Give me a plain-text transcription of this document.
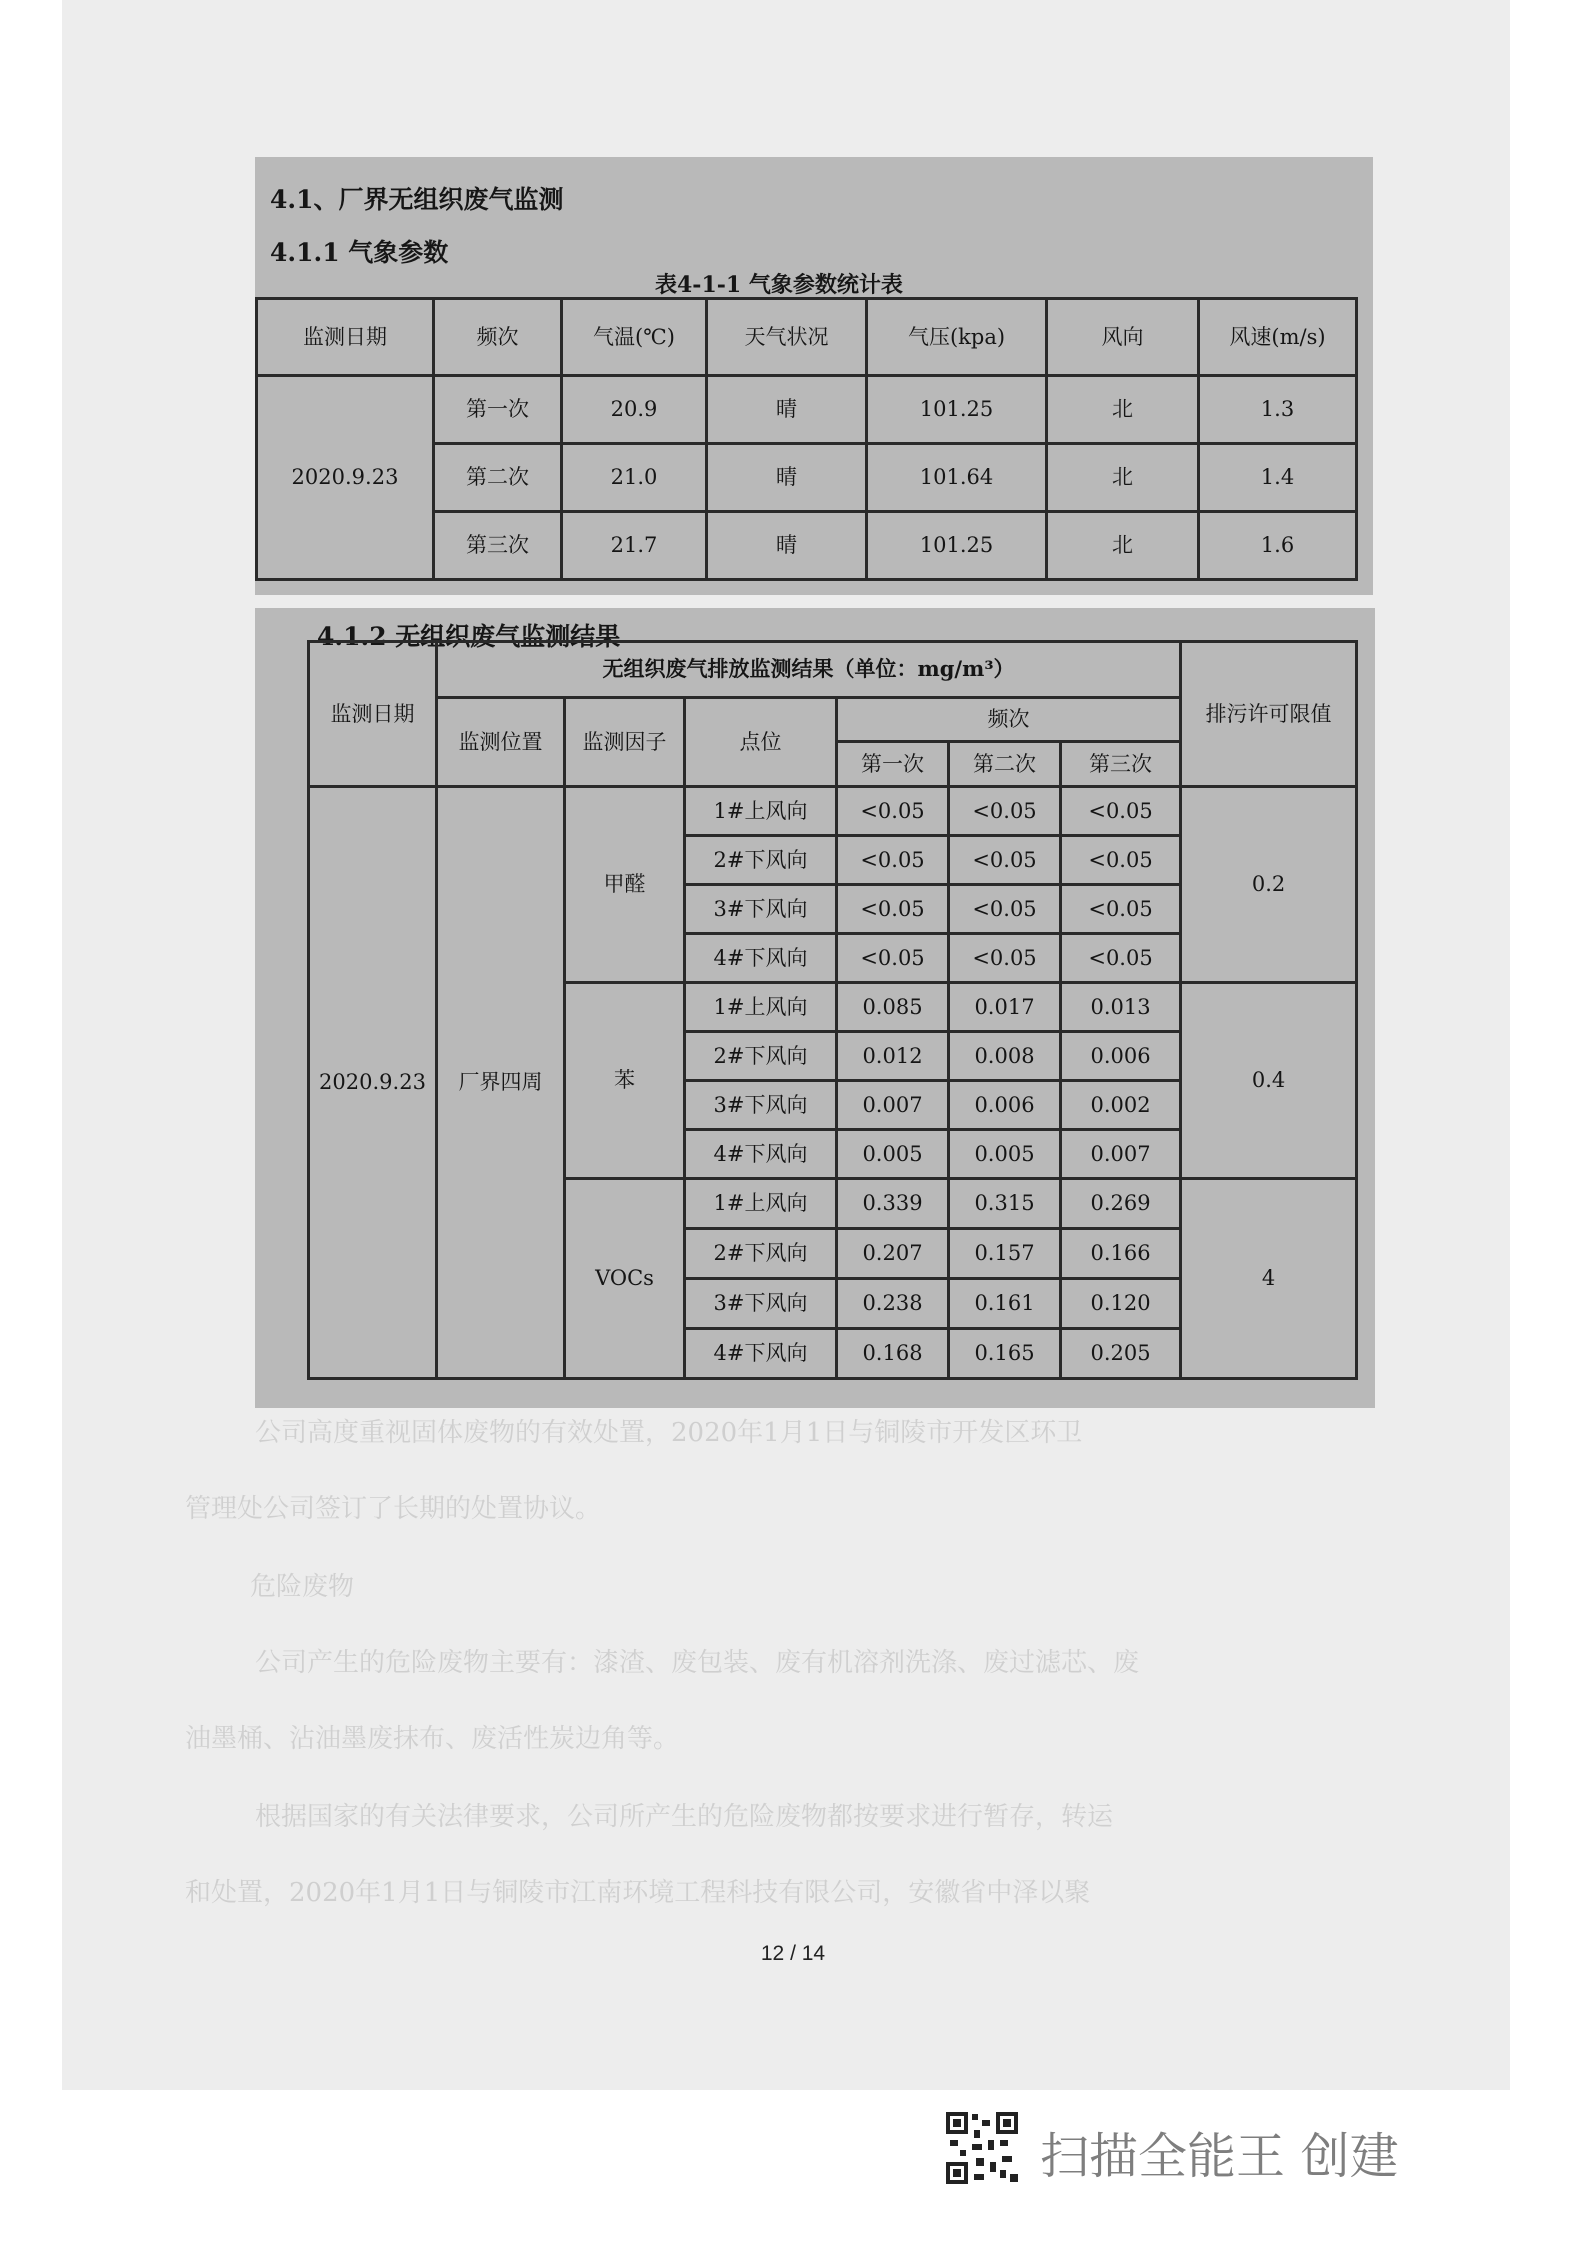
公司高度重视固体废物的有效处置，2020年1月1日与铜陵市开发区环卫
管理处公司签订了长期的处置协议。
危险废物
公司产生的危险废物主要有：漆渣、废包装、废有机溶剂洗涤、废过滤芯、废
油墨桶、沾油墨废抹布、废活性炭边角等。
根据国家的有关法律要求，公司所产生的危险废物都按要求进行暂存，转运
和处置，2020年1月1日与铜陵市江南环境工程科技有限公司，安徽省中泽以聚
4.1、厂界无组织废气监测
4.1.1 气象参数
表4-1-1 气象参数统计表
监测日期	频次	气温(℃)	天气状况	气压(kpa)	风向	风速(m/s)
2020.9.23	第一次	20.9	晴	101.25	北	1.3
	第二次	21.0	晴	101.64	北	1.4
	第三次	21.7	晴	101.25	北	1.6
4.1.2 无组织废气监测结果
监测日期	无组织废气排放监测结果（单位：mg/m³）						排污许可限值
	监测位置	监测因子	点位	频次			
				第一次	第二次	第三次	
2020.9.23	厂界四周	甲醛	1#上风向	<0.05	<0.05	<0.05	0.2
			2#下风向	<0.05	<0.05	<0.05	
			3#下风向	<0.05	<0.05	<0.05	
			4#下风向	<0.05	<0.05	<0.05	
		苯	1#上风向	0.085	0.017	0.013	0.4
			2#下风向	0.012	0.008	0.006	
			3#下风向	0.007	0.006	0.002	
			4#下风向	0.005	0.005	0.007	
		VOCs	1#上风向	0.339	0.315	0.269	4
			2#下风向	0.207	0.157	0.166	
			3#下风向	0.238	0.161	0.120	
			4#下风向	0.168	0.165	0.205	
12 / 14
扫描全能王 创建
